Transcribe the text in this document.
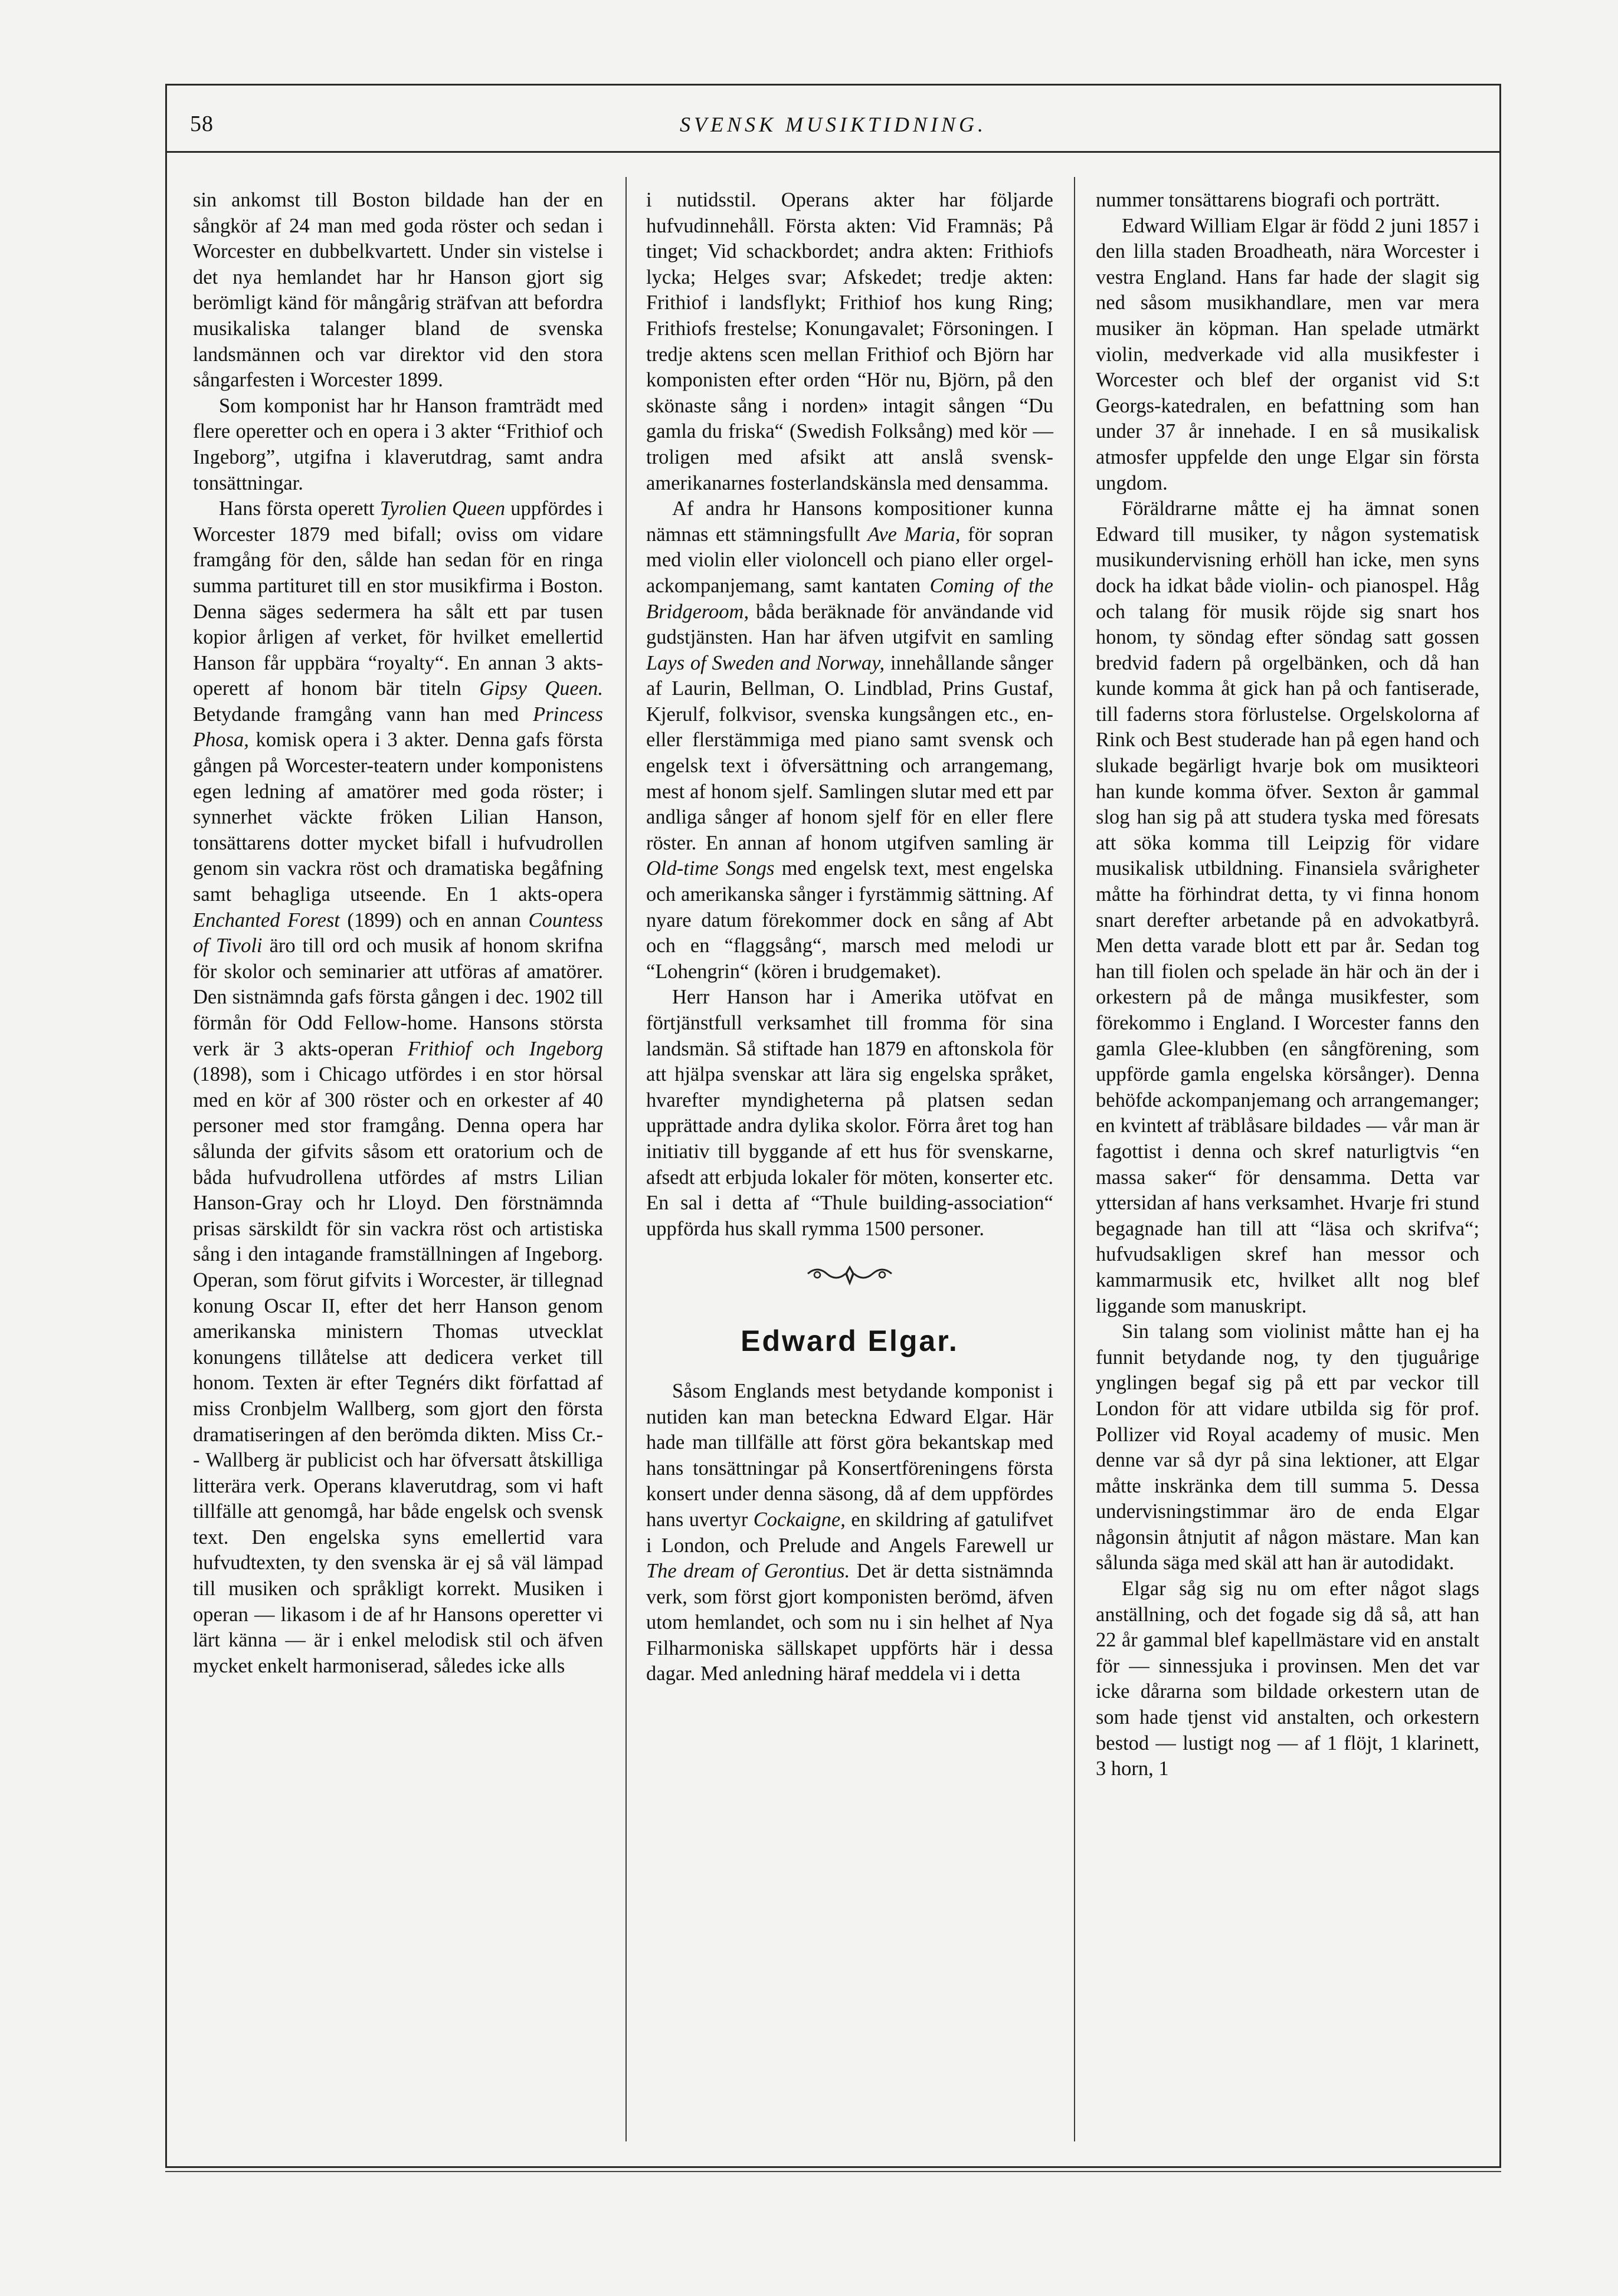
58	SVENSK MUSIKTIDNING.

sin ankomst till Boston bildade han der en sångkör af 24 man med goda röster och sedan i Worcester en dubbelkvartett. Under sin vistelse i det nya hemlandet har hr Hanson gjort sig berömligt känd för mångårig sträfvan att befordra musikaliska talanger bland de svenska landsmännen och var direktor vid den stora sångarfesten i Worcester 1899.

Som komponist har hr Hanson framträdt med flere operetter och en opera i 3 akter “Frithiof och Ingeborg”, utgifna i klaverutdrag, samt andra tonsättningar.

Hans första operett Tyrolien Queen uppfördes i Worcester 1879 med bifall; oviss om vidare framgång för den, sålde han sedan för en ringa summa partituret till en stor musikfirma i Boston. Denna säges sedermera ha sålt ett par tusen kopior årligen af verket, för hvilket emellertid Hanson får uppbära “royalty“. En annan 3 akts-operett af honom bär titeln Gipsy Queen. Betydande framgång vann han med Princess Phosa, komisk opera i 3 akter. Denna gafs första gången på Worcester-teatern under komponistens egen ledning af amatörer med goda röster; i synnerhet väckte fröken Lilian Hanson, tonsättarens dotter mycket bifall i hufvudrollen genom sin vackra röst och dramatiska begåfning samt behagliga utseende. En 1 akts-opera Enchanted Forest (1899) och en annan Countess of Tivoli äro till ord och musik af honom skrifna för skolor och seminarier att utföras af amatörer. Den sistnämnda gafs första gången i dec. 1902 till förmån för Odd Fellow-home. Hansons största verk är 3 akts-operan Frithiof och Ingeborg (1898), som i Chicago utfördes i en stor hörsal med en kör af 300 röster och en orkester af 40 personer med stor framgång. Denna opera har sålunda der gifvits såsom ett oratorium och de båda hufvudrollena utfördes af mstrs Lilian Hanson-Gray och hr Lloyd. Den förstnämnda prisas särskildt för sin vackra röst och artistiska sång i den intagande framställningen af Ingeborg. Operan, som förut gifvits i Worcester, är tillegnad konung Oscar II, efter det herr Hanson genom amerikanska ministern Thomas utvecklat konungens tillåtelse att dedicera verket till honom. Texten är efter Tegnérs dikt författad af miss Cronbjelm Wallberg, som gjort den första dramatiseringen af den berömda dikten. Miss Cr.-- Wallberg är publicist och har öfversatt åtskilliga litterära verk. Operans klaverutdrag, som vi haft tillfälle att genomgå, har både engelsk och svensk text. Den engelska syns emellertid vara hufvudtexten, ty den svenska är ej så väl lämpad till musiken och språkligt korrekt. Musiken i operan — likasom i de af hr Hansons operetter vi lärt känna — är i enkel melodisk stil och äfven mycket enkelt harmoniserad, således icke alls

i nutidsstil. Operans akter har följarde hufvudinnehåll. Första akten: Vid Framnäs; På tinget; Vid schackbordet; andra akten: Frithiofs lycka; Helges svar; Afskedet; tredje akten: Frithiof i landsflykt; Frithiof hos kung Ring; Frithiofs frestelse; Konungavalet; Försoningen. I tredje aktens scen mellan Frithiof och Björn har komponisten efter orden “Hör nu, Björn, på den skönaste sång i norden» intagit sången “Du gamla du friska“ (Swedish Folksång) med kör — troligen med afsikt att anslå svensk-amerikanarnes fosterlandskänsla med densamma.

Af andra hr Hansons kompositioner kunna nämnas ett stämningsfullt Ave Maria, för sopran med violin eller violoncell och piano eller orgel-ackompanjemang, samt kantaten Coming of the Bridgeroom, båda beräknade för användande vid gudstjänsten. Han har äfven utgifvit en samling Lays of Sweden and Norway, innehållande sånger af Laurin, Bellman, O. Lindblad, Prins Gustaf, Kjerulf, folkvisor, svenska kungsången etc., en- eller flerstämmiga med piano samt svensk och engelsk text i öfversättning och arrangemang, mest af honom sjelf. Samlingen slutar med ett par andliga sånger af honom sjelf för en eller flere röster. En annan af honom utgifven samling är Old-time Songs med engelsk text, mest engelska och amerikanska sånger i fyrstämmig sättning. Af nyare datum förekommer dock en sång af Abt och en “flaggsång“, marsch med melodi ur “Lohengrin“ (kören i brudgemaket).

Herr Hanson har i Amerika utöfvat en förtjänstfull verksamhet till fromma för sina landsmän. Så stiftade han 1879 en aftonskola för att hjälpa svenskar att lära sig engelska språket, hvarefter myndigheterna på platsen sedan upprättade andra dylika skolor. Förra året tog han initiativ till byggande af ett hus för svenskarne, afsedt att erbjuda lokaler för möten, konserter etc. En sal i detta af “Thule building-association“ uppförda hus skall rymma 1500 personer.

Edward Elgar.

Såsom Englands mest betydande komponist i nutiden kan man beteckna Edward Elgar. Här hade man tillfälle att först göra bekantskap med hans tonsättningar på Konsertföreningens första konsert under denna säsong, då af dem uppfördes hans uvertyr Cockaigne, en skildring af gatulifvet i London, och Prelude and Angels Farewell ur The dream of Gerontius. Det är detta sistnämnda verk, som först gjort komponisten berömd, äfven utom hemlandet, och som nu i sin helhet af Nya Filharmoniska sällskapet uppförts här i dessa dagar. Med anledning häraf meddela vi i detta

nummer tonsättarens biografi och porträtt.

Edward William Elgar är född 2 juni 1857 i den lilla staden Broadheath, nära Worcester i vestra England. Hans far hade der slagit sig ned såsom musikhandlare, men var mera musiker än köpman. Han spelade utmärkt violin, medverkade vid alla musikfester i Worcester och blef der organist vid S:t Georgs-katedralen, en befattning som han under 37 år innehade. I en så musikalisk atmosfer uppfelde den unge Elgar sin första ungdom.

Föräldrarne måtte ej ha ämnat sonen Edward till musiker, ty någon systematisk musikundervisning erhöll han icke, men syns dock ha idkat både violin- och pianospel. Håg och talang för musik röjde sig snart hos honom, ty söndag efter söndag satt gossen bredvid fadern på orgelbänken, och då han kunde komma åt gick han på och fantiserade, till faderns stora förlustelse. Orgelskolorna af Rink och Best studerade han på egen hand och slukade begärligt hvarje bok om musikteori han kunde komma öfver. Sexton år gammal slog han sig på att studera tyska med föresats att söka komma till Leipzig för vidare musikalisk utbildning. Finansiela svårigheter måtte ha förhindrat detta, ty vi finna honom snart derefter arbetande på en advokatbyrå. Men detta varade blott ett par år. Sedan tog han till fiolen och spelade än här och än der i orkestern på de många musikfester, som förekommo i England. I Worcester fanns den gamla Glee-klubben (en sångförening, som uppförde gamla engelska körsånger). Denna behöfde ackompanjemang och arrangemanger; en kvintett af träblåsare bildades — vår man är fagottist i denna och skref naturligtvis “en massa saker“ för densamma. Detta var yttersidan af hans verksamhet. Hvarje fri stund begagnade han till att “läsa och skrifva“; hufvudsakligen skref han messor och kammarmusik etc, hvilket allt nog blef liggande som manuskript.

Sin talang som violinist måtte han ej ha funnit betydande nog, ty den tjuguårige ynglingen begaf sig på ett par veckor till London för att vidare utbilda sig för prof. Pollizer vid Royal academy of music. Men denne var så dyr på sina lektioner, att Elgar måtte inskränka dem till summa 5. Dessa undervisningstimmar äro de enda Elgar någonsin åtnjutit af någon mästare. Man kan sålunda säga med skäl att han är autodidakt.

Elgar såg sig nu om efter något slags anställning, och det fogade sig då så, att han 22 år gammal blef kapellmästare vid en anstalt för — sinnessjuka i provinsen. Men det var icke dårarna som bildade orkestern utan de som hade tjenst vid anstalten, och orkestern bestod — lustigt nog — af 1 flöjt, 1 klarinett, 3 horn, 1
